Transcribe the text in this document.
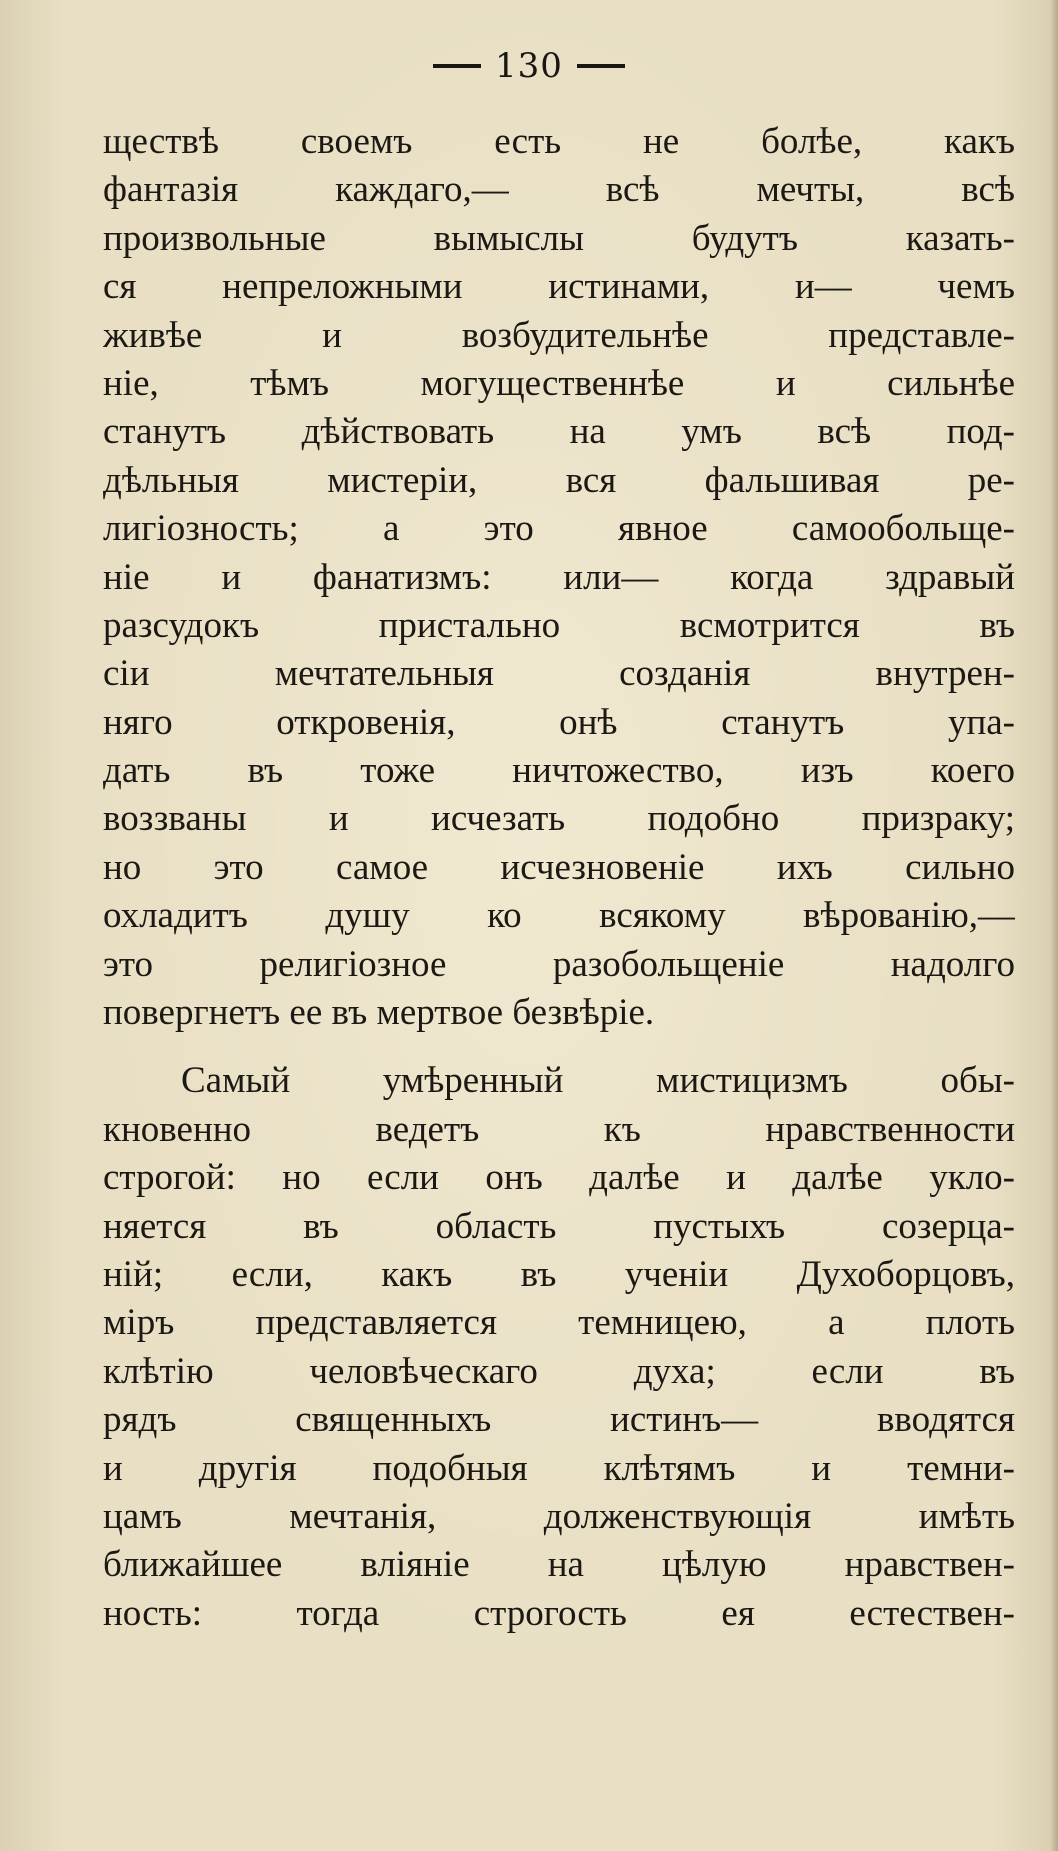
130
ществѣ своемъ есть не болѣе, какъ
фантазія каждаго,— всѣ мечты, всѣ
произвольные вымыслы будутъ казать-
ся непреложными истинами, и— чемъ
живѣе и возбудительнѣе представле-
ніе, тѣмъ могущественнѣе и сильнѣе
станутъ дѣйствовать на умъ всѣ под-
дѣльныя мистеріи, вся фальшивая ре-
лигіозность; а это явное самообольще-
ніе и фанатизмъ: или— когда здравый
разсудокъ пристально всмотрится въ
сіи мечтательныя созданія внутрен-
няго откровенія, онѣ станутъ упа-
дать въ тоже ничтожество, изъ коего
воззваны и исчезать подобно призраку;
но это самое исчезновеніе ихъ сильно
охладитъ душу ко всякому вѣрованію,—
это религіозное разобольщеніе надолго
повергнетъ ее въ мертвое безвѣріе.
Самый умѣренный мистицизмъ обы-
кновенно ведетъ къ нравственности
строгой: но если онъ далѣе и далѣе укло-
няется въ область пустыхъ созерца-
ній; если, какъ въ ученіи Духоборцовъ,
міръ представляется темницею, а плоть
клѣтію человѣческаго духа; если въ
рядъ священныхъ истинъ— вводятся
и другія подобныя клѣтямъ и темни-
цамъ мечтанія, долженствующія имѣть
ближайшее вліяніе на цѣлую нравствен-
ность: тогда строгость ея естествен-
